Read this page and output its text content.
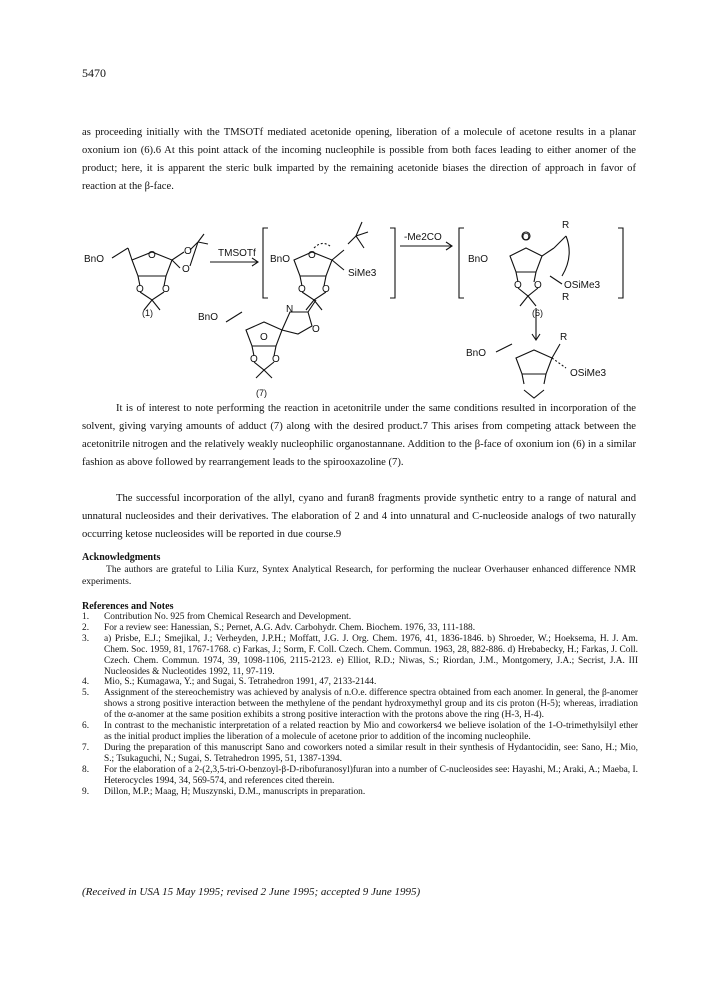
5470
as proceeding initially with the TMSOTf mediated acetonide opening, liberation of a molecule of acetone results in a planar oxonium ion (6).6 At this point attack of the incoming nucleophile is possible from both faces leading to either anomer of the product; here, it is apparent the steric bulk imparted by the remaining acetonide biases the direction of approach in favor of reaction at the β-face.
BnO	O
O O
O
O
TMSOTf
BnO O
O O
SiMe3
-Me2CO
BnO
O
O O OSiMe3
R
R
BnO
O
O O
N
O
BnO
R
OSiMe3
(1)	(6)
(7)
It is of interest to note performing the reaction in acetonitrile under the same conditions resulted in incorporation of the solvent, giving varying amounts of adduct (7) along with the desired product.7 This arises from competing attack between the acetonitrile nitrogen and the relatively weakly nucleophilic organostannane. Addition to the β-face of oxonium ion (6) in a similar fashion as above followed by rearrangement leads to the spirooxazoline (7).
The successful incorporation of the allyl, cyano and furan8 fragments provide synthetic entry to a range of natural and unnatural nucleosides and their derivatives. The elaboration of 2 and 4 into unnatural and C-nucleoside analogs of two naturally occurring ketose nucleosides will be reported in due course.9
Acknowledgments
The authors are grateful to Lilia Kurz, Syntex Analytical Research, for performing the nuclear Overhauser enhanced difference NMR experiments.
References and Notes
1.	Contribution No. 925 from Chemical Research and Development.
2.	For a review see: Hanessian, S.; Pernet, A.G. Adv. Carbohydr. Chem. Biochem. 1976, 33, 111-188.
3.	a) Prisbe, E.J.; Smejikal, J.; Verheyden, J.P.H.; Moffatt, J.G. J. Org. Chem. 1976, 41, 1836-1846. b) Shroeder, W.; Hoeksema, H. J. Am. Chem. Soc. 1959, 81, 1767-1768. c) Farkas, J.; Sorm, F. Coll. Czech. Chem. Commun. 1963, 28, 882-886. d) Hrebabecky, H.; Farkas, J. Coll. Czech. Chem. Commun. 1974, 39, 1098-1106, 2115-2123. e) Elliot, R.D.; Niwas, S.; Riordan, J.M., Montgomery, J.A.; Secrist, J.A. III Nucleosides & Nucleotides 1992, 11, 97-119.
4.	Mio, S.; Kumagawa, Y.; and Sugai, S. Tetrahedron 1991, 47, 2133-2144.
5.	Assignment of the stereochemistry was achieved by analysis of n.O.e. difference spectra obtained from each anomer. In general, the β-anomer shows a strong positive interaction between the methylene of the pendant hydroxymethyl group and its cis proton (H-5); whereas, irradiation of the α-anomer at the same position exhibits a strong positive interaction with the protons above the ring (H-3, H-4).
6.	In contrast to the mechanistic interpretation of a related reaction by Mio and coworkers4 we believe isolation of the 1-O-trimethylsilyl ether as the initial product implies the liberation of a molecule of acetone prior to addition of the incoming nucleophile.
7.	During the preparation of this manuscript Sano and coworkers noted a similar result in their synthesis of Hydantocidin, see: Sano, H.; Mio, S.; Tsukaguchi, N.; Sugai, S. Tetrahedron 1995, 51, 1387-1394.
8.	For the elaboration of a 2-(2,3,5-tri-O-benzoyl-β-D-ribofuranosyl)furan into a number of C-nucleosides see: Hayashi, M.; Araki, A.; Maeba, I. Heterocycles 1994, 34, 569-574, and references cited therein.
9.	Dillon, M.P.; Maag, H; Muszynski, D.M., manuscripts in preparation.
(Received in USA 15 May 1995; revised 2 June 1995; accepted 9 June 1995)
